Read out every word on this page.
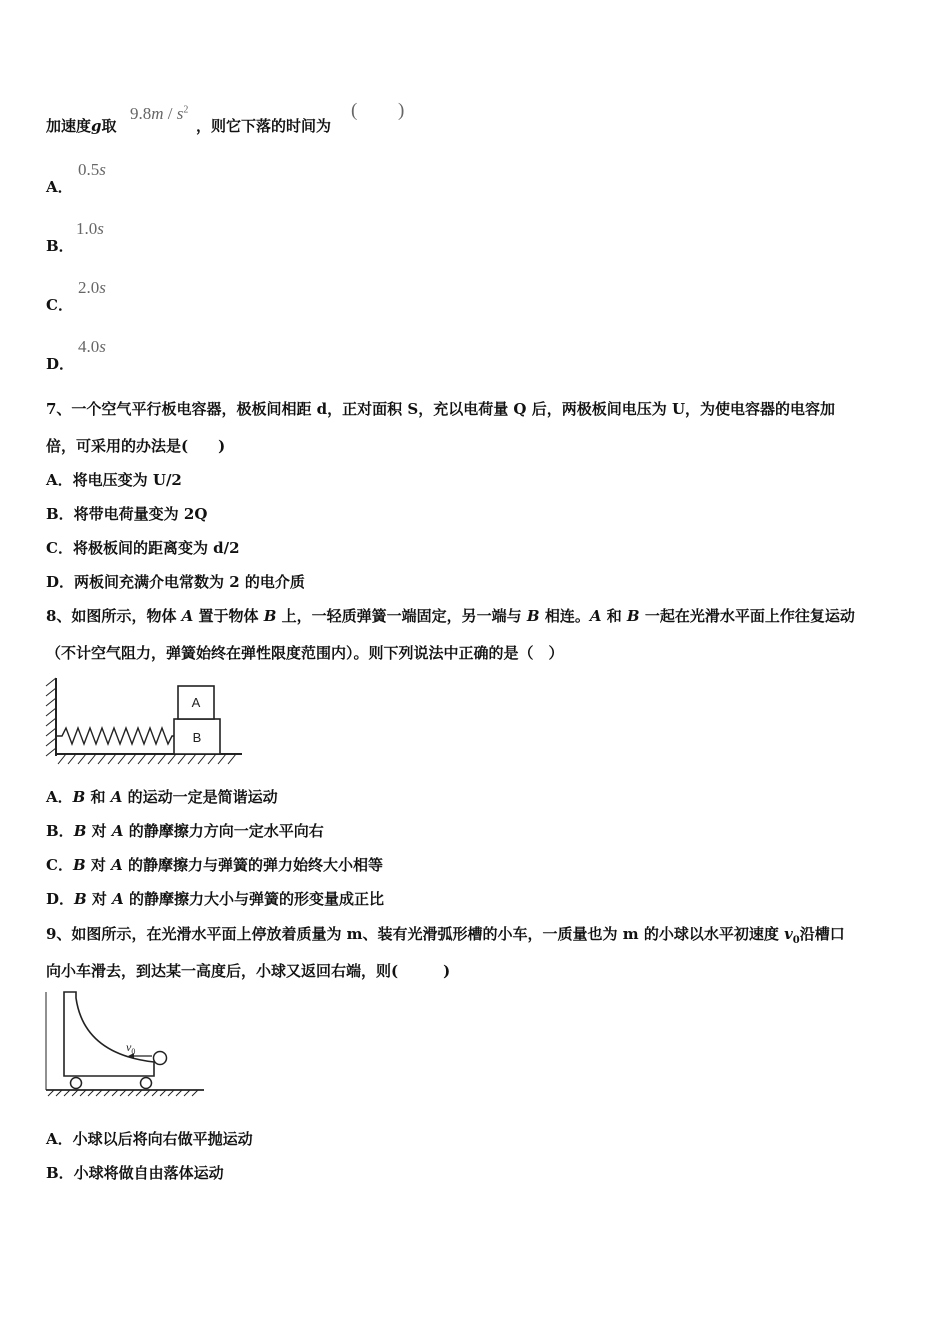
加速度g取
$9.8m / s^2$
，则它下落的时间为
( )
A．
0.5s
B．
1.0s
C．
2.0s
D．
4.0s
7、一个空气平行板电容器，极板间相距 d，正对面积 S，充以电荷量 Q 后，两极板间电压为 U，为使电容器的电容加
倍，可采用的办法是(　　)
A．将电压变为 U/2
B．将带电荷量变为 2Q
C．将极板间的距离变为 d/2
D．两板间充满介电常数为 2 的电介质
8、如图所示，物体 A 置于物体 B 上，一轻质弹簧一端固定，另一端与 B 相连。A 和 B 一起在光滑水平面上作往复运动
（不计空气阻力，弹簧始终在弹性限度范围内）。则下列说法中正确的是（　）
B
A
A．B 和 A 的运动一定是简谐运动
B．B 对 A 的静摩擦力方向一定水平向右
C．B 对 A 的静摩擦力与弹簧的弹力始终大小相等
D．B 对 A 的静摩擦力大小与弹簧的形变量成正比
9、如图所示，在光滑水平面上停放着质量为 m、装有光滑弧形槽的小车，一质量也为 m 的小球以水平初速度 $v_0$沿槽口
向小车滑去，到达某一高度后，小球又返回右端，则(　　　)
$v_0$
A．小球以后将向右做平抛运动
B．小球将做自由落体运动
